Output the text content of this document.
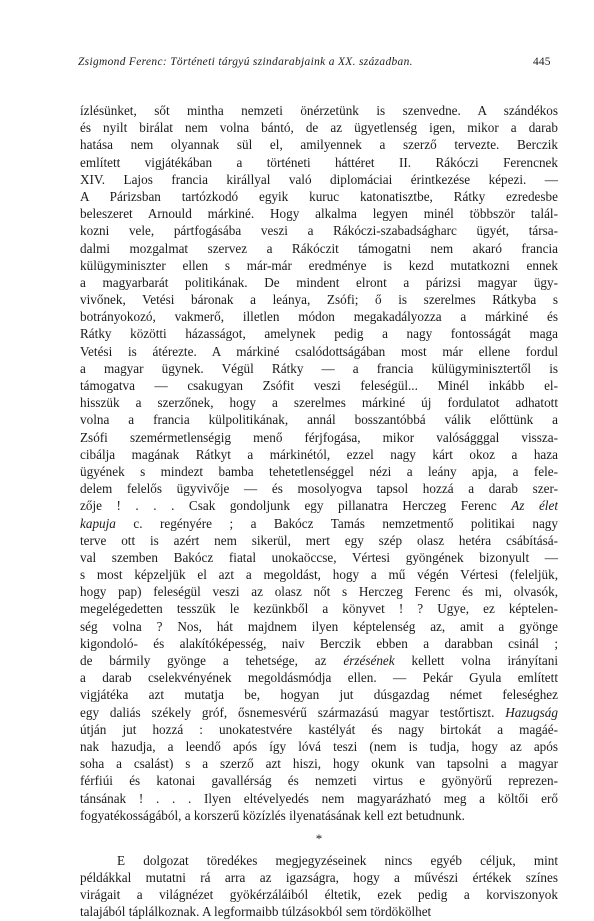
Zsigmond Ferenc: Történeti tárgyú szindarabjaink a XX. században.	445
ízlésünket, sőt mintha nemzeti önérzetünk is szenvedne. A szándékos
és nyilt birálat nem volna bántó, de az ügyetlenség igen, mikor a darab
hatása nem olyannak sül el, amilyennek a szerző tervezte. Berczik
említett vigjátékában a történeti háttéret II. Rákóczi Ferencnek
XIV. Lajos francia királlyal való diplomáciai érintkezése képezi. —
A Párizsban tartózkodó egyik kuruc katonatisztbe, Rátky ezredesbe
beleszeret Arnould márkiné. Hogy alkalma legyen minél többször talál-
kozni vele, pártfogásába veszi a Rákóczi-szabadságharc ügyét, társa-
dalmi mozgalmat szervez a Rákóczit támogatni nem akaró francia
külügyminiszter ellen s már-már eredménye is kezd mutatkozni ennek
a magyarbarát politikának. De mindent elront a párizsi magyar ügy-
vivőnek, Vetési báronak a leánya, Zsófi; ő is szerelmes Rátkyba s
botrányokozó, vakmerő, illetlen módon megakadályozza a márkiné és
Rátky közötti házasságot, amelynek pedig a nagy fontosságát maga
Vetési is átérezte. A márkiné csalódottságában most már ellene fordul
a magyar ügynek. Végül Rátky — a francia külügyminisztertől is
támogatva — csakugyan Zsófit veszi feleségül... Minél inkább el-
hisszük a szerzőnek, hogy a szerelmes márkiné új fordulatot adhatott
volna a francia külpolitikának, annál bosszantóbbá válik előttünk a
Zsófi szemérmetlenségig menő férjfogása, mikor valóságggal vissza-
cibálja magának Rátkyt a márkinétól, ezzel nagy kárt okoz a haza
ügyének s mindezt bamba tehetetlenséggel nézi a leány apja, a fele-
delem felelős ügyvivője — és mosolyogva tapsol hozzá a darab szer-
zője ! . . . Csak gondoljunk egy pillanatra Herczeg Ferenc Az élet
kapuja c. regényére ; a Bakócz Tamás nemzetmentő politikai nagy
terve ott is azért nem sikerül, mert egy szép olasz hetéra csábításá-
val szemben Bakócz fiatal unokaöccse, Vértesi gyöngének bizonyult —
s most képzeljük el azt a megoldást, hogy a mű végén Vértesi (feleljük,
hogy pap) feleségül veszi az olasz nőt s Herczeg Ferenc és mi, olvasók,
megelégedetten tesszük le kezünkből a könyvet ! ? Ugye, ez képtelen-
ség volna ? Nos, hát majdnem ilyen képtelenség az, amit a gyönge
kigondoló- és alakítóképesség, naiv Berczik ebben a darabban csinál ;
de bármily gyönge a tehetsége, az érzésének kellett volna irányítani
a darab cselekvényének megoldásmódja ellen. — Pekár Gyula említett
vigjátéka azt mutatja be, hogyan jut dúsgazdag német feleséghez
egy daliás székely gróf, ősnemesvérű származású magyar testőrtiszt. Hazugság
útján jut hozzá : unokatestvére kastélyát és nagy birtokát a magáé-
nak hazudja, a leendő após így lóvá teszi (nem is tudja, hogy az após
soha a csalást) s a szerző azt hiszi, hogy okunk van tapsolni a magyar
férfiúi és katonai gavallérság és nemzeti virtus e gyönyörű reprezen-
tánsának ! . . . Ilyen eltévelyedés nem magyarázható meg a költői erő
fogyatékosságából, a korszerű közízlés ilyenatásának kell ezt betudnunk.
*
E dolgozat töredékes megjegyzéseinek nincs egyéb céljuk, mint
példákkal mutatni rá arra az igazságra, hogy a művészi értékek színes
virágait a világnézet gyökérzáláiból éltetik, ezek pedig a korviszonyok
talajából táplálkoznak. A legformaibb túlzásokból sem tördökölhet
